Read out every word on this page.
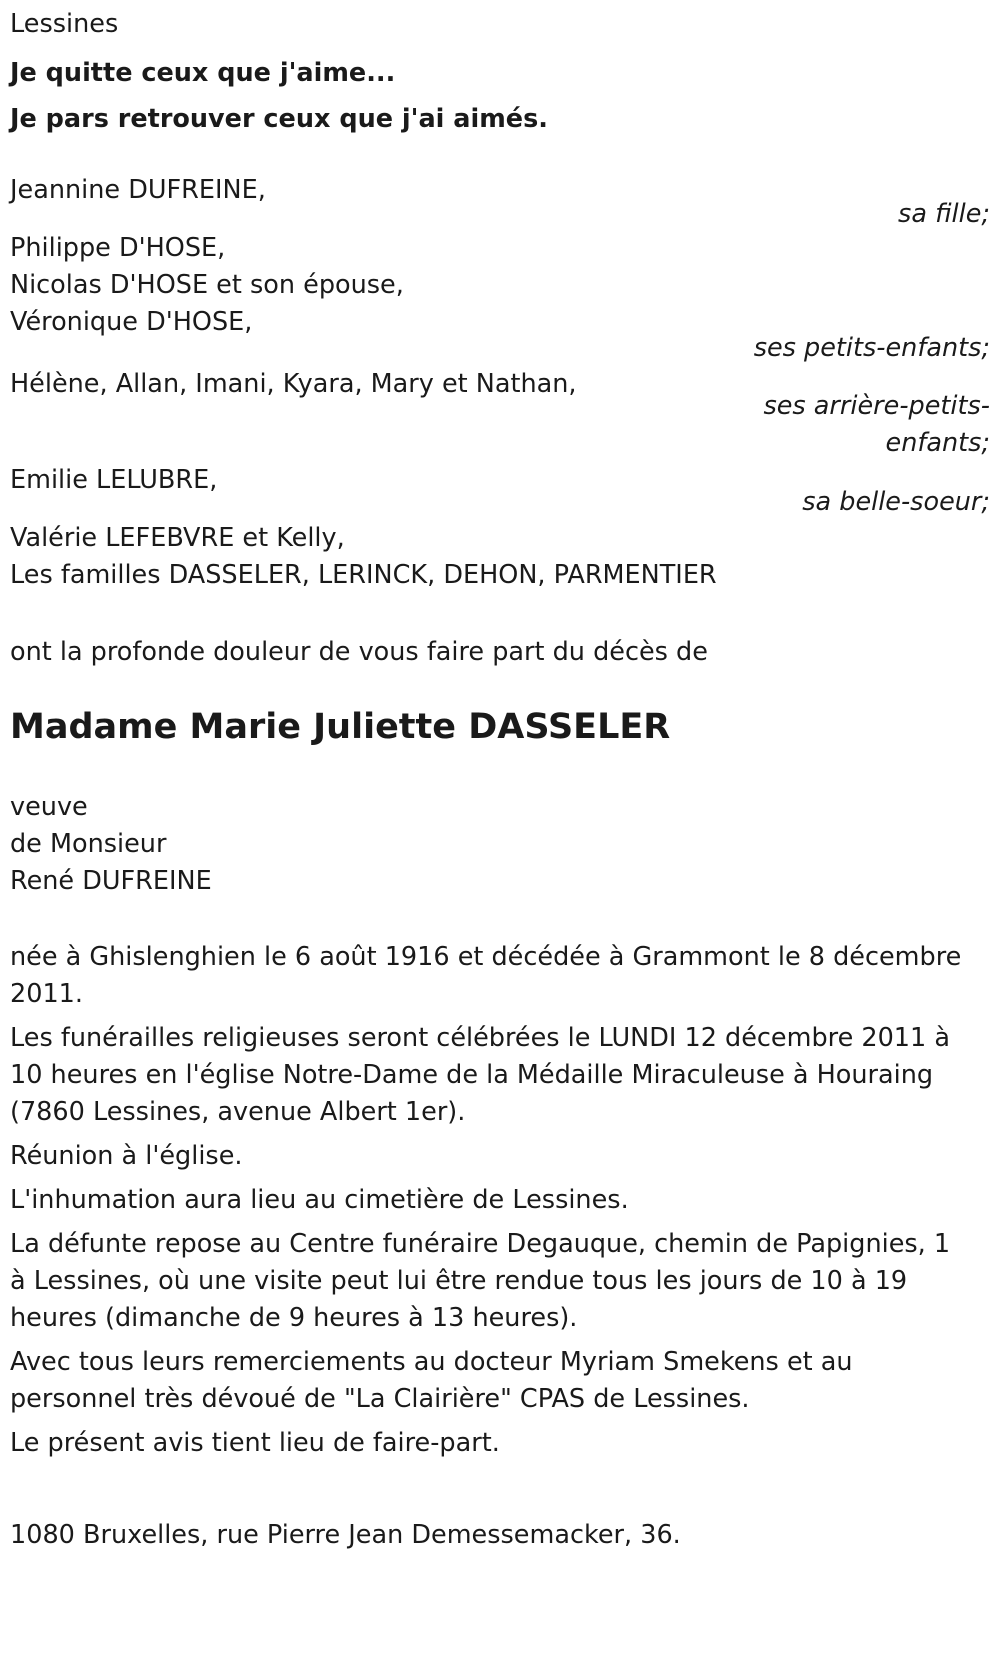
Lessines
Je quitte ceux que j'aime...
Je pars retrouver ceux que j'ai aimés.
Jeannine DUFREINE,
sa fille;
Philippe D'HOSE,
Nicolas D'HOSE et son épouse,
Véronique D'HOSE,
ses petits-enfants;
Hélène, Allan, Imani, Kyara, Mary et Nathan,
ses arrière-petits-
enfants;
Emilie LELUBRE,
sa belle-soeur;
Valérie LEFEBVRE et Kelly,
Les familles DASSELER, LERINCK, DEHON, PARMENTIER
ont la profonde douleur de vous faire part du décès de
Madame Marie Juliette DASSELER
veuve
de Monsieur
René DUFREINE
née à Ghislenghien le 6 août 1916 et décédée à Grammont le 8 décembre
2011.
Les funérailles religieuses seront célébrées le LUNDI 12 décembre 2011 à
10 heures en l'église Notre-Dame de la Médaille Miraculeuse à Houraing
(7860 Lessines, avenue Albert 1er).
Réunion à l'église.
L'inhumation aura lieu au cimetière de Lessines.
La défunte repose au Centre funéraire Degauque, chemin de Papignies, 1
à Lessines, où une visite peut lui être rendue tous les jours de 10 à 19
heures (dimanche de 9 heures à 13 heures).
Avec tous leurs remerciements au docteur Myriam Smekens et au
personnel très dévoué de "La Clairière" CPAS de Lessines.
Le présent avis tient lieu de faire-part.
1080 Bruxelles, rue Pierre Jean Demessemacker, 36.
